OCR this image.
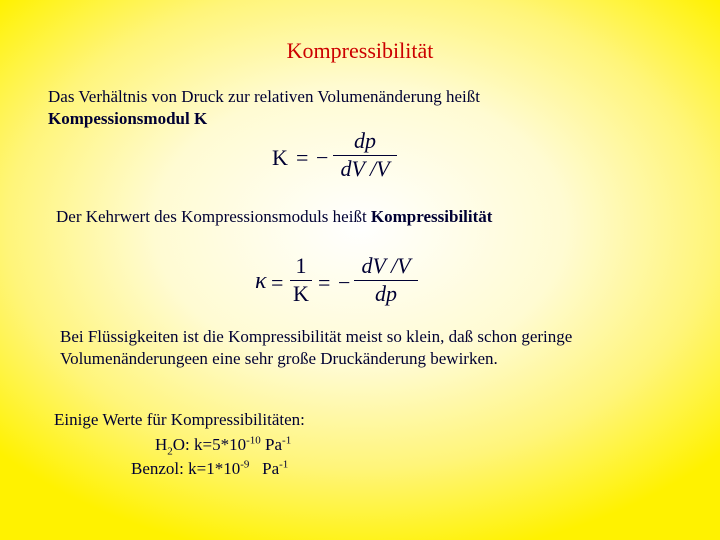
Kompressibilität
Das Verhältnis von Druck zur relativen Volumenänderung heißt
Kompessionsmodul K
K = −
dp
dV /V
Der Kehrwert des Kompressionsmoduls heißt Kompressibilität
κ =
1
K = −
dV /V
dp
Bei Flüssigkeiten ist die Kompressibilität meist so klein, daß schon geringe
Volumenänderungeen eine sehr große Druckänderung bewirken.
Einige Werte für Kompressibilitäten:
$H_2O$: $k=5*10^{-10}$ $Pa^{-1}$
Benzol: $k=1*10^{-9}$   $Pa^{-1}$
